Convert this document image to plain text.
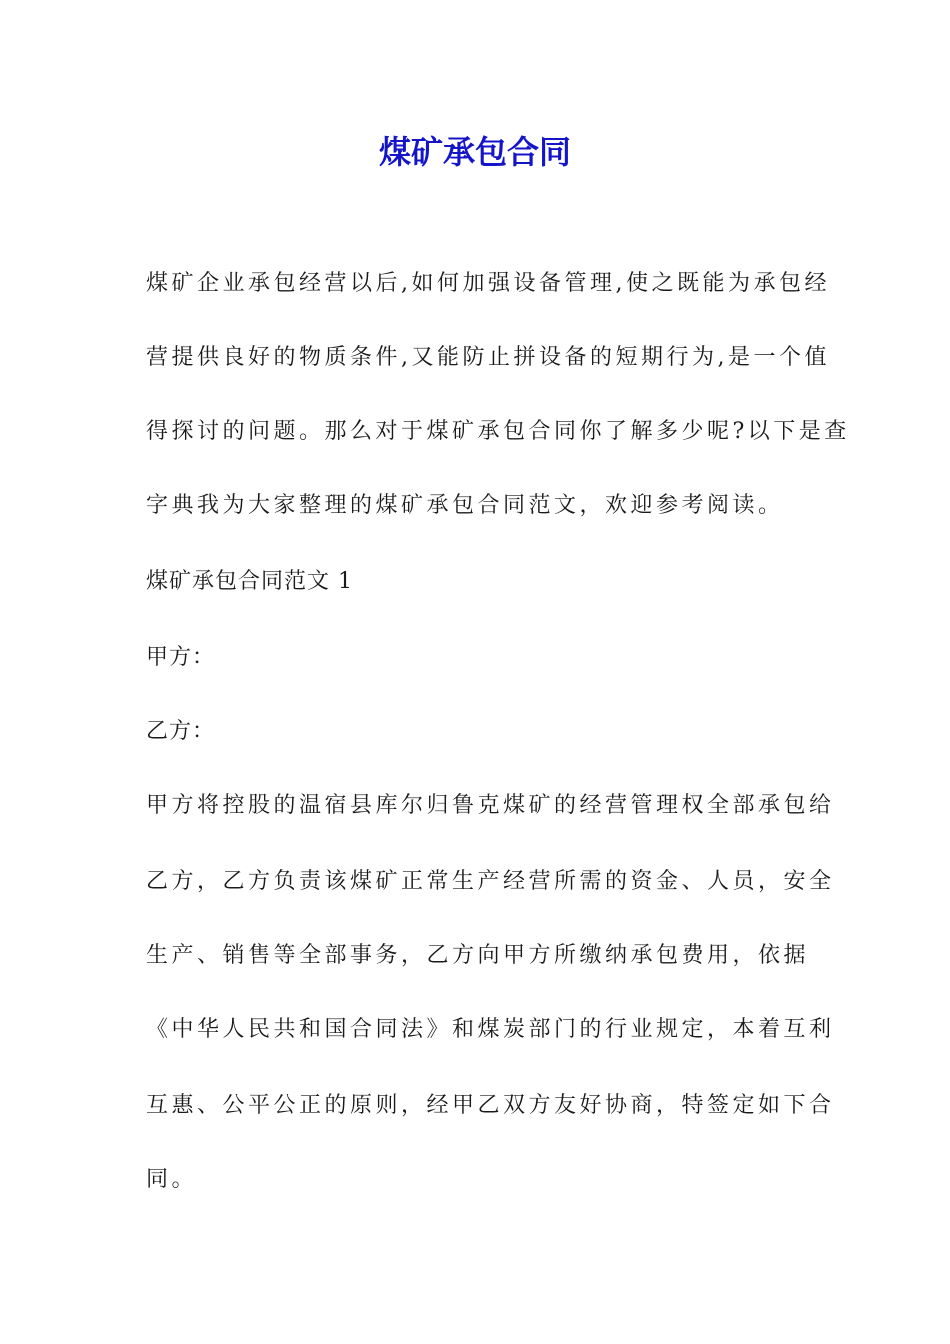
煤矿承包合同
煤矿企业承包经营以后,如何加强设备管理,使之既能为承包经
营提供良好的物质条件,又能防止拼设备的短期行为,是一个值
得探讨的问题。那么对于煤矿承包合同你了解多少呢?以下是查
字典我为大家整理的煤矿承包合同范文，欢迎参考阅读。
煤矿承包合同范文 1
甲方：
乙方：
甲方将控股的温宿县库尔归鲁克煤矿的经营管理权全部承包给
乙方，乙方负责该煤矿正常生产经营所需的资金、人员，安全
生产、销售等全部事务，乙方向甲方所缴纳承包费用，依据
《中华人民共和国合同法》和煤炭部门的行业规定，本着互利
互惠、公平公正的原则，经甲乙双方友好协商，特签定如下合
同。
